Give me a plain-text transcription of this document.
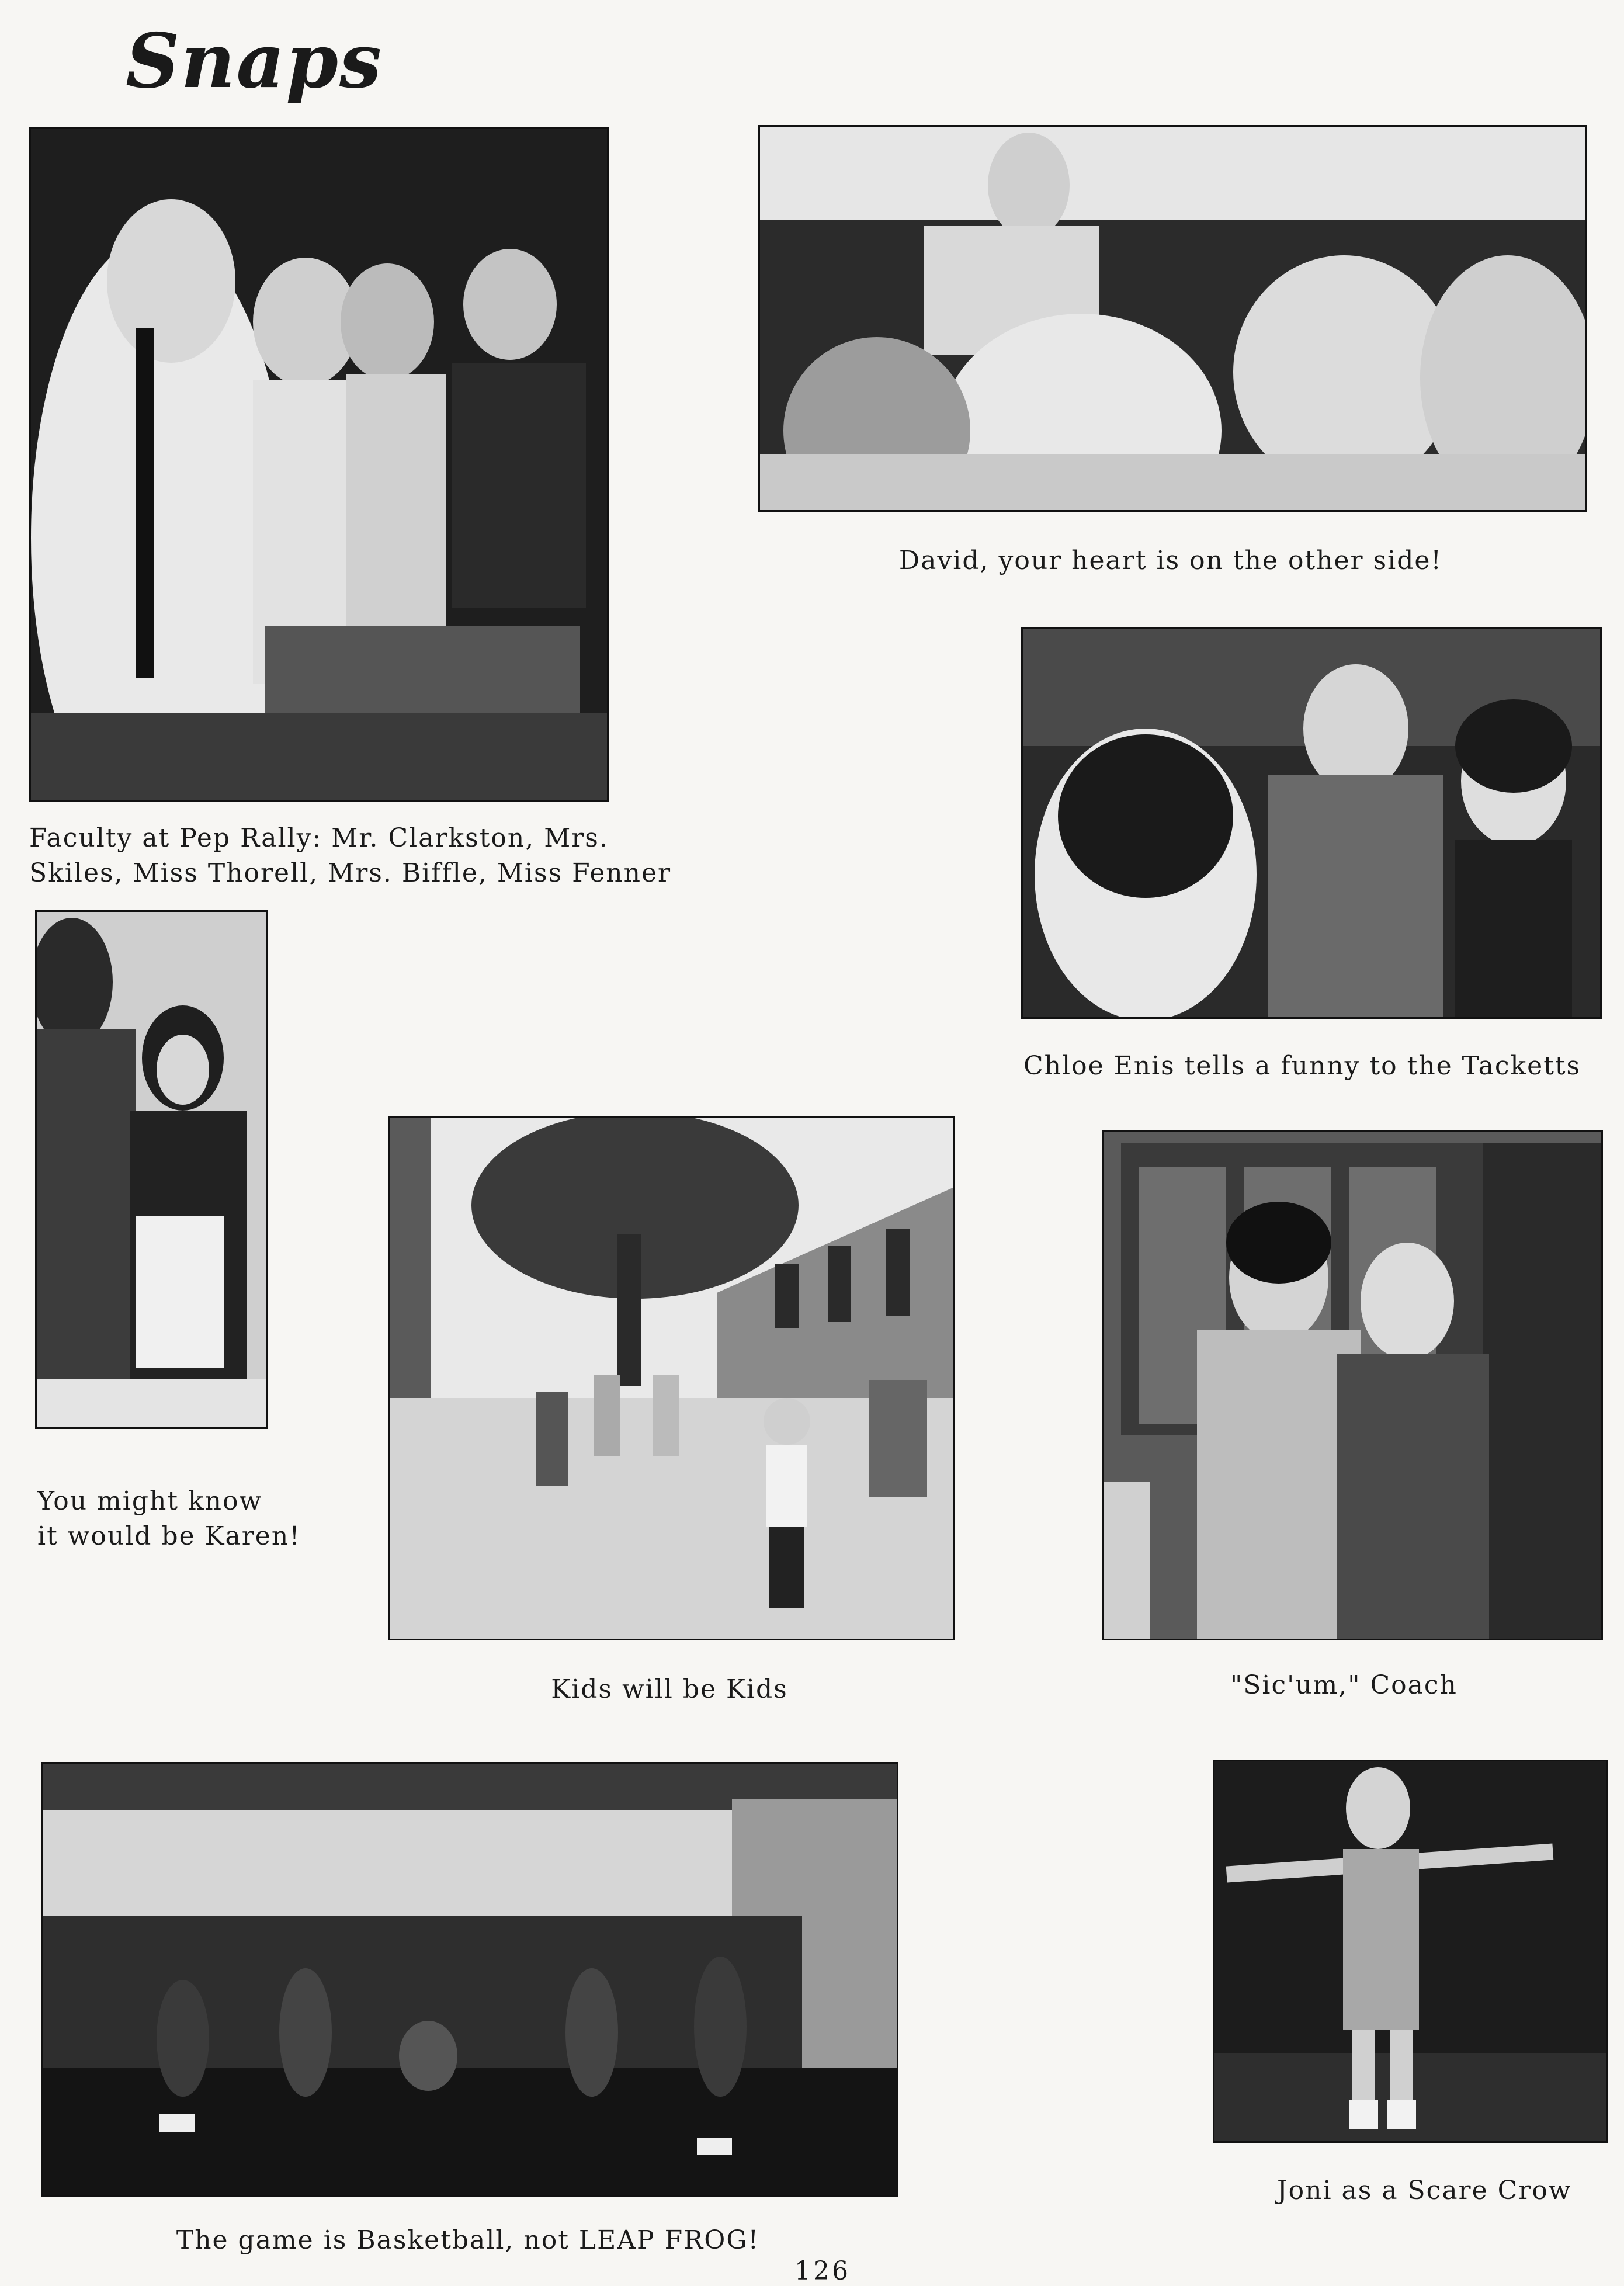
Snaps
Faculty at Pep Rally: Mr. Clarkston, Mrs.
Skiles, Miss Thorell, Mrs. Biffle, Miss Fenner
David, your heart is on the other side!
Chloe Enis tells a funny to the Tacketts
You might know
it would be Karen!
Kids will be Kids	"Sic'um," Coach
The game is Basketball, not LEAP FROG!
Joni as a Scare Crow
126
